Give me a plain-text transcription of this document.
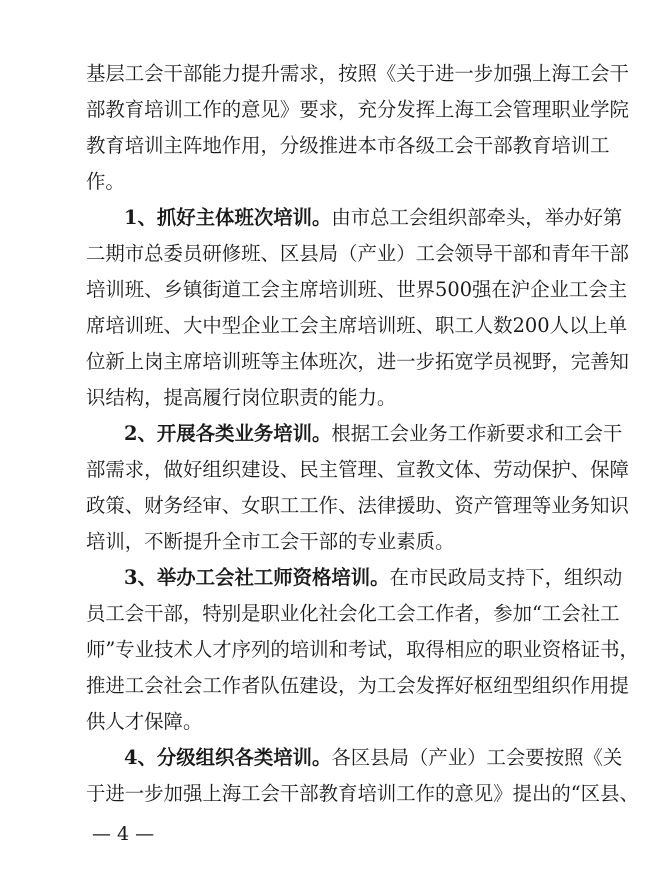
基层工会干部能力提升需求，按照《关于进一步加强上海工会干
部教育培训工作的意见》要求，充分发挥上海工会管理职业学院
教育培训主阵地作用，分级推进本市各级工会干部教育培训工
作。
1、抓好主体班次培训。由市总工会组织部牵头，举办好第
二期市总委员研修班、区县局（产业）工会领导干部和青年干部
培训班、乡镇街道工会主席培训班、世界500强在沪企业工会主
席培训班、大中型企业工会主席培训班、职工人数200人以上单
位新上岗主席培训班等主体班次，进一步拓宽学员视野，完善知
识结构，提高履行岗位职责的能力。
2、开展各类业务培训。根据工会业务工作新要求和工会干
部需求，做好组织建设、民主管理、宣教文体、劳动保护、保障
政策、财务经审、女职工工作、法律援助、资产管理等业务知识
培训，不断提升全市工会干部的专业素质。
3、举办工会社工师资格培训。在市民政局支持下，组织动
员工会干部，特别是职业化社会化工会工作者，参加“工会社工
师”专业技术人才序列的培训和考试，取得相应的职业资格证书，
推进工会社会工作者队伍建设，为工会发挥好枢纽型组织作用提
供人才保障。
4、分级组织各类培训。各区县局（产业）工会要按照《关
于进一步加强上海工会干部教育培训工作的意见》提出的“区县、
— 4 —
